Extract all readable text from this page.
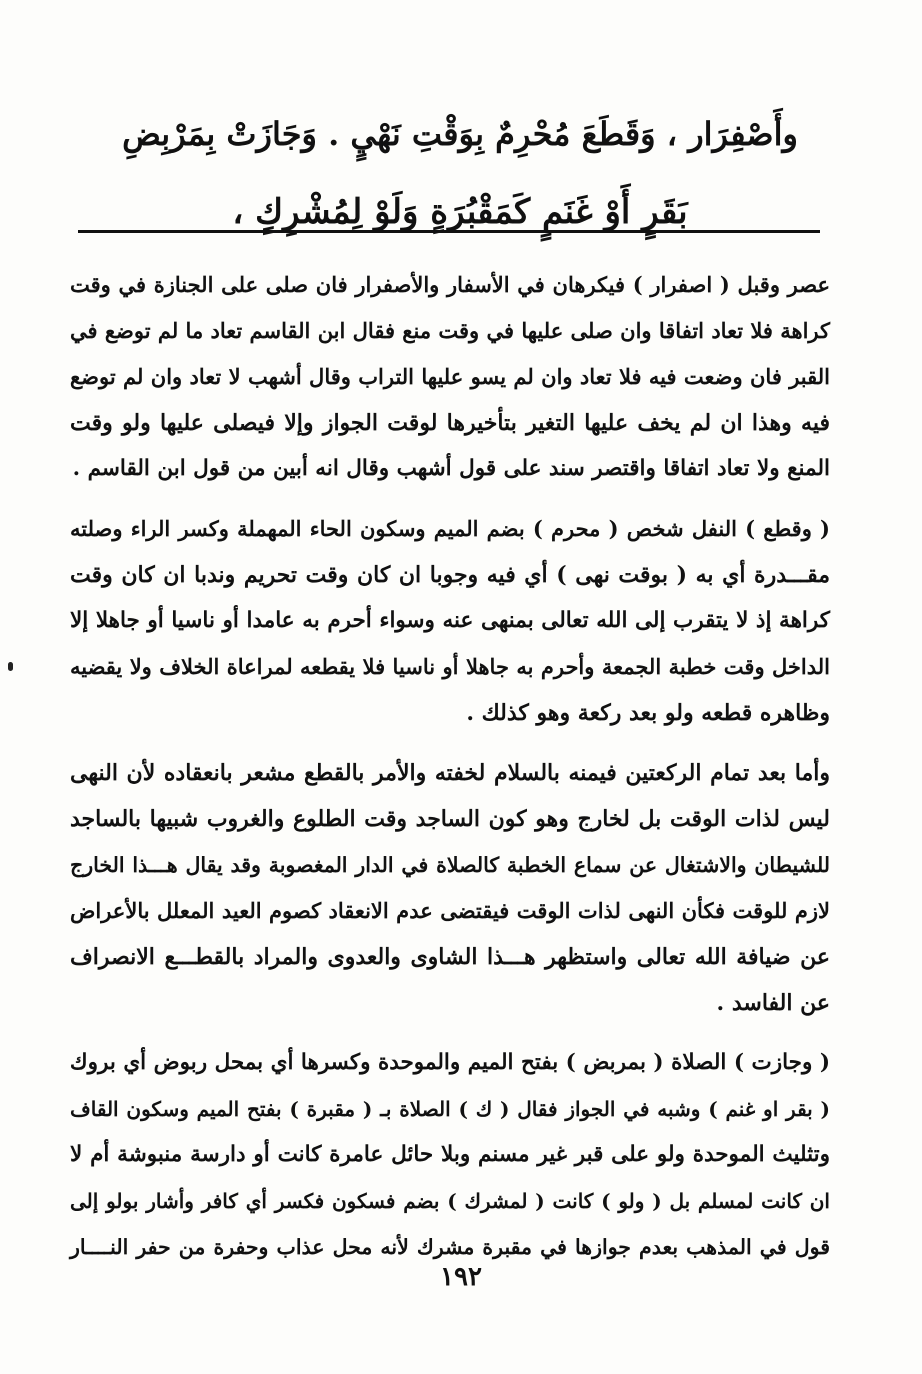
وأَصْفِرَار ، وَقَطَعَ مُحْرِمٌ بِوَقْتِ نَهْيٍ . وَجَازَتْ بِمَرْبِضِ

بَقَرٍ أَوْ غَنَمٍ كَمَقْبُرَةٍ وَلَوْ لِمُشْرِكٍ ،

عصر وقبل ( اصفرار ) فيكرهان في الأسفار والأصفرار فان صلى على الجنازة في وقت
كراهة فلا تعاد اتفاقا وان صلى عليها في وقت منع فقال ابن القاسم تعاد ما لم توضع في
القبر فان وضعت فيه فلا تعاد وان لم يسو عليها التراب وقال أشهب لا تعاد وان لم توضع
فيه وهذا ان لم يخف عليها التغير بتأخيرها لوقت الجواز وإلا فيصلى عليها ولو وقت
المنع ولا تعاد اتفاقا واقتصر سند على قول أشهب وقال انه أبين من قول ابن القاسم .
( وقطع ) النفل شخص ( محرم ) بضم الميم وسكون الحاء المهملة وكسر الراء وصلته
مقـــدرة أي به ( بوقت نهى ) أي فيه وجوبا ان كان وقت تحريم وندبا ان كان وقت
كراهة إذ لا يتقرب إلى الله تعالى بمنهى عنه وسواء أحرم به عامدا أو ناسيا أو جاهلا إلا
الداخل وقت خطبة الجمعة وأحرم به جاهلا أو ناسيا فلا يقطعه لمراعاة الخلاف ولا يقضيه
وظاهره قطعه ولو بعد ركعة وهو كذلك .
وأما بعد تمام الركعتين فيمنه بالسلام لخفته والأمر بالقطع مشعر بانعقاده لأن النهى
ليس لذات الوقت بل لخارج وهو كون الساجد وقت الطلوع والغروب شبيها بالساجد
للشيطان والاشتغال عن سماع الخطبة كالصلاة في الدار المغصوبة وقد يقال هـــذا الخارج
لازم للوقت فكأن النهى لذات الوقت فيقتضى عدم الانعقاد كصوم العيد المعلل بالأعراض
عن ضيافة الله تعالى واستظهر هـــذا الشاوى والعدوى والمراد بالقطـــع الانصراف
عن الفاسد .
( وجازت ) الصلاة ( بمربض ) بفتح الميم والموحدة وكسرها أي بمحل ربوض أي بروك
( بقر او غنم ) وشبه في الجواز فقال ( ك ) الصلاة بـ ( مقبرة ) بفتح الميم وسكون القاف
وتثليث الموحدة ولو على قبر غير مسنم وبلا حائل عامرة كانت أو دارسة منبوشة أم لا
ان كانت لمسلم بل ( ولو ) كانت ( لمشرك ) بضم فسكون فكسر أي كافر وأشار بولو إلى
قول في المذهب بعدم جوازها في مقبرة مشرك لأنه محل عذاب وحفرة من حفر النــــار
١٩٢
